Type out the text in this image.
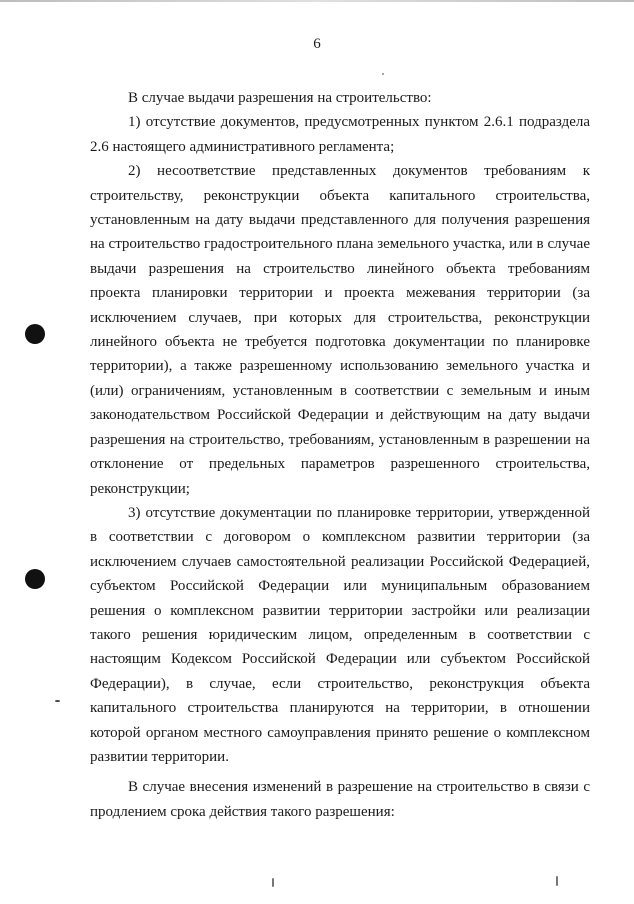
6

В случае выдачи разрешения на строительство:

1) отсутствие документов, предусмотренных пунктом 2.6.1 подраздела 2.6 настоящего административного регламента;

2) несоответствие представленных документов требованиям к строительству, реконструкции объекта капитального строительства, установленным на дату выдачи представленного для получения разрешения на строительство градостроительного плана земельного участка, или в случае выдачи разрешения на строительство линейного объекта требованиям проекта планировки территории и проекта межевания территории (за исключением случаев, при которых для строительства, реконструкции линейного объекта не требуется подготовка документации по планировке территории), а также разрешенному использованию земельного участка и (или) ограничениям, установленным в соответствии с земельным и иным законодательством Российской Федерации и действующим на дату выдачи разрешения на строительство, требованиям, установленным в разрешении на отклонение от предельных параметров разрешенного строительства, реконструкции;

3) отсутствие документации по планировке территории, утвержденной в соответствии с договором о комплексном развитии территории (за исключением случаев самостоятельной реализации Российской Федерацией, субъектом Российской Федерации или муниципальным образованием решения о комплексном развитии территории застройки или реализации такого решения юридическим лицом, определенным в соответствии с настоящим Кодексом Российской Федерации или субъектом Российской Федерации), в случае, если строительство, реконструкция объекта капитального строительства планируются на территории, в отношении которой органом местного самоуправления принято решение о комплексном развитии территории.

В случае внесения изменений в разрешение на строительство в связи с продлением срока действия такого разрешения:
